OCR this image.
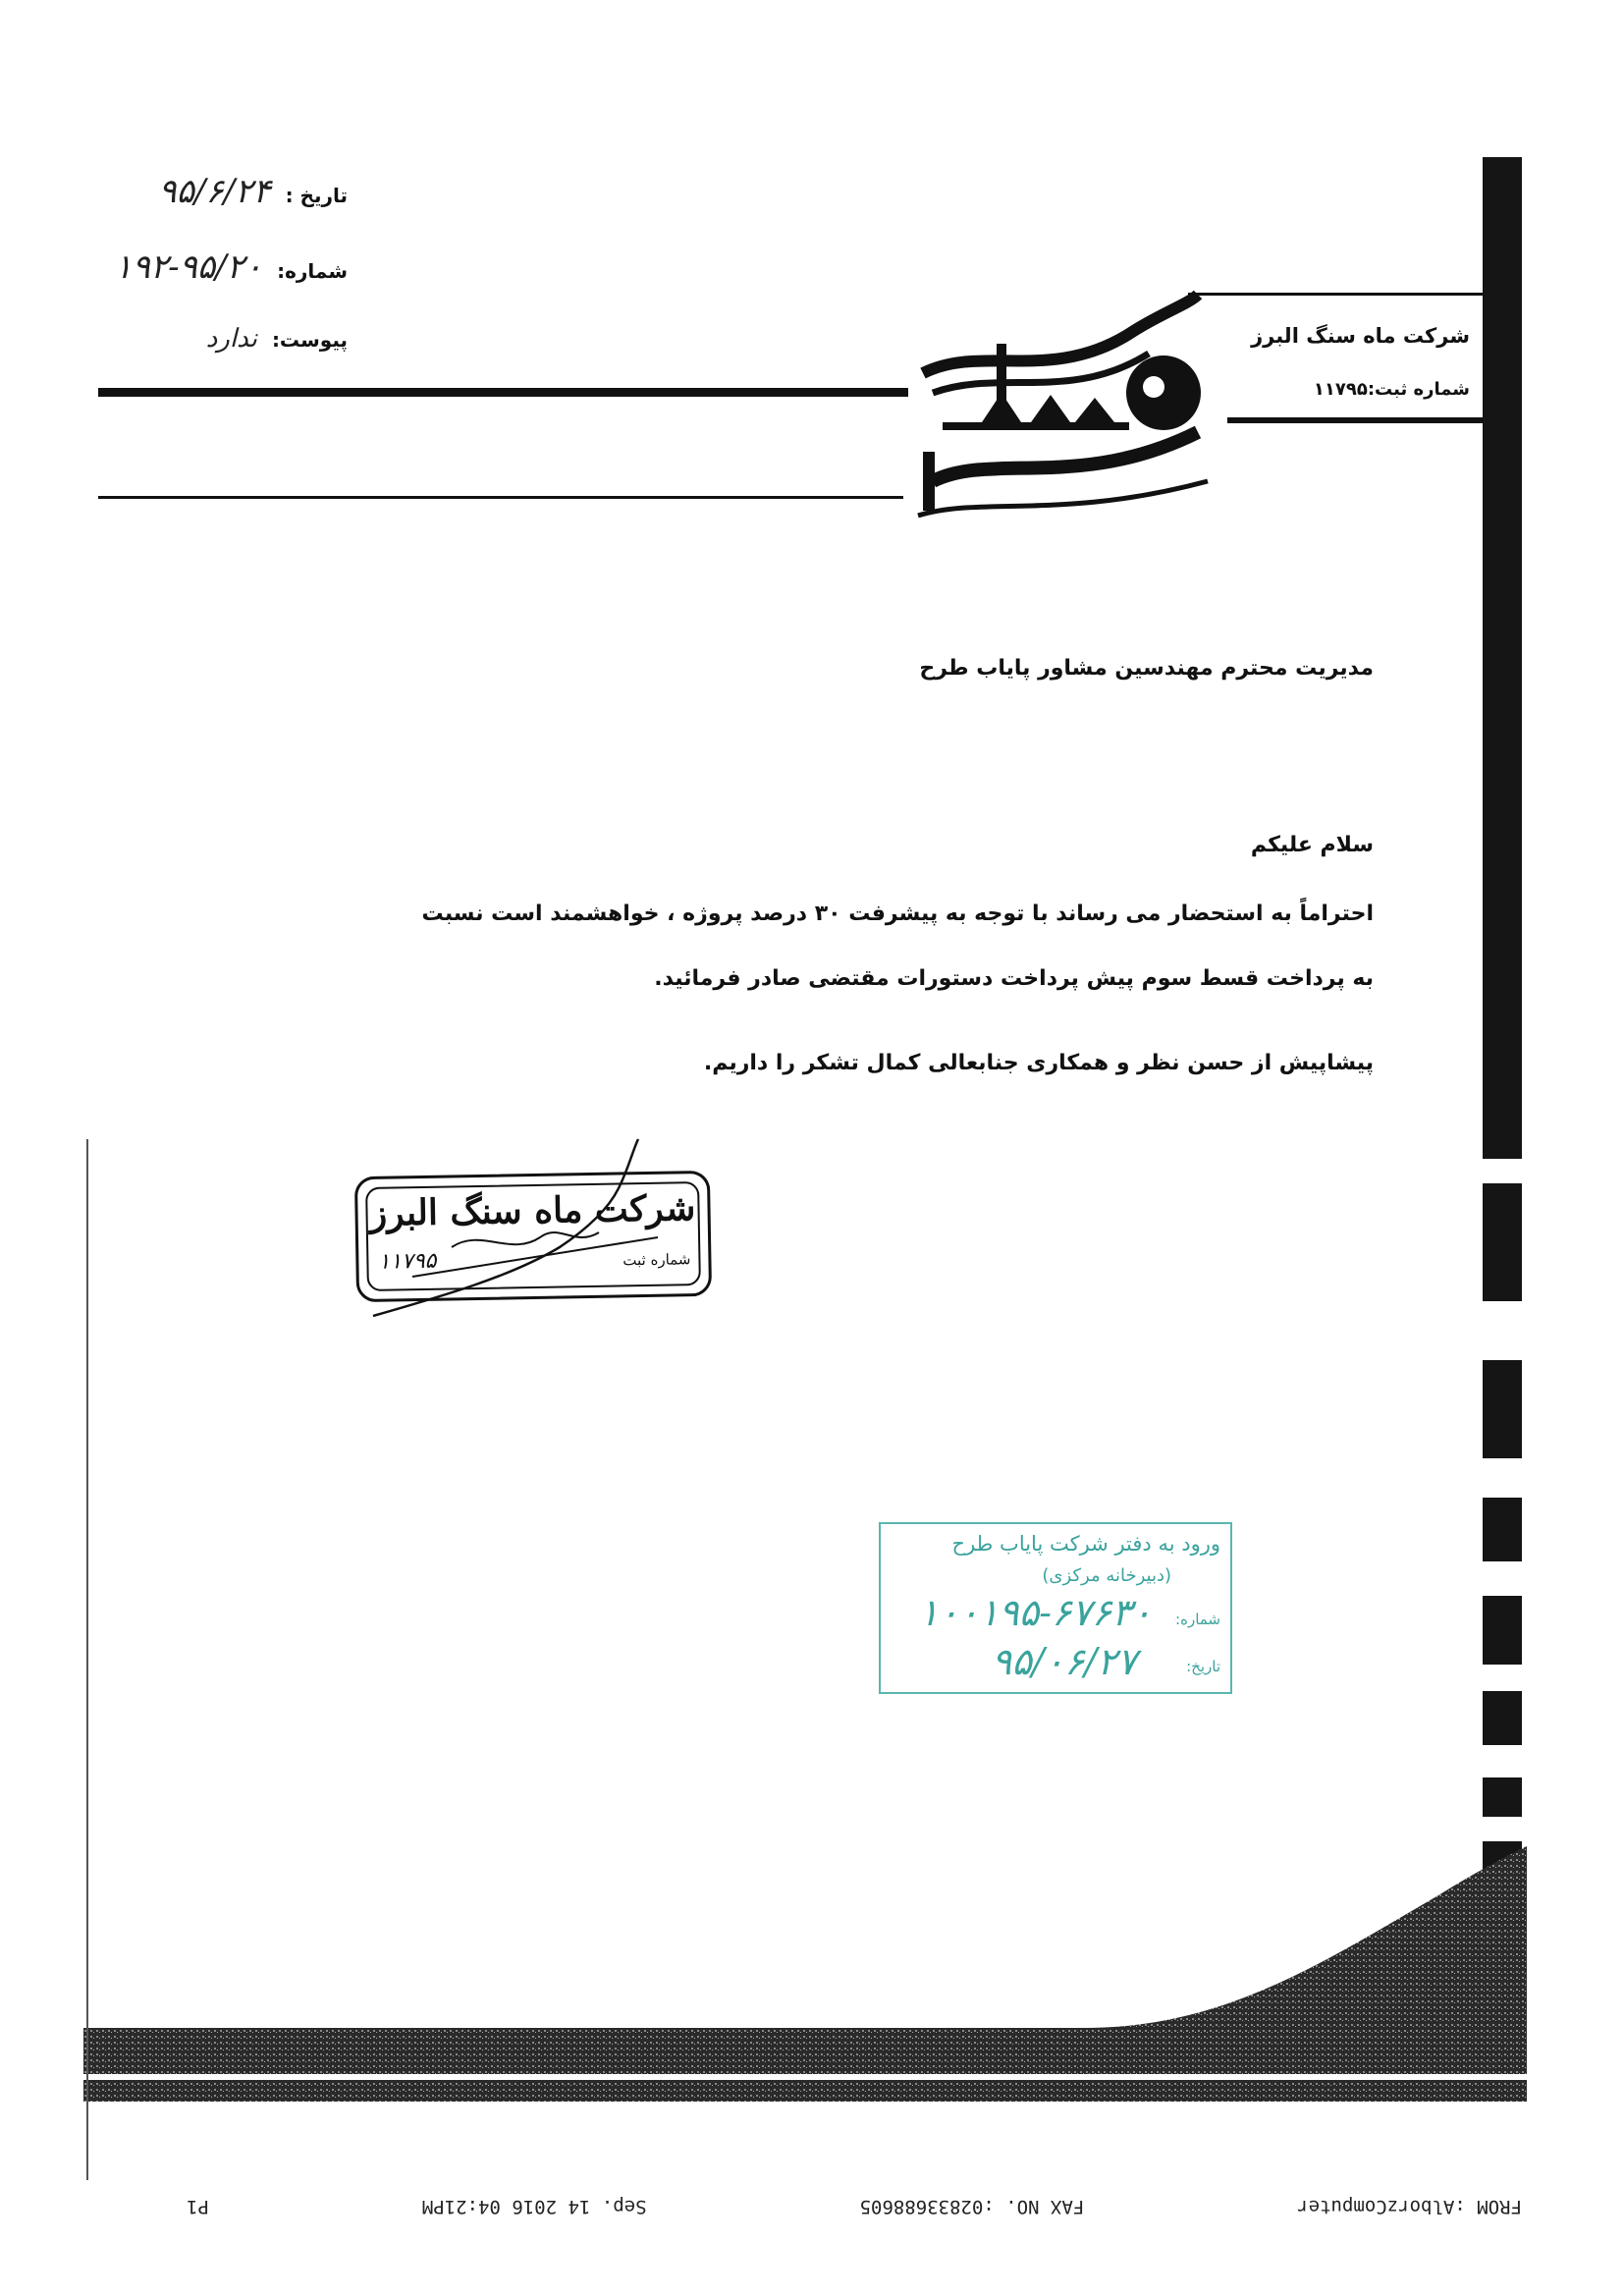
تاریخ : ۹۵/۶/۲۴
شماره: ۹۵/۲۰-۱۹۲
پیوست: ندارد	شرکت ماه سنگ البرز
شماره ثبت:۱۱۷۹۵
مدیریت محترم مهندسین مشاور پایاب طرح
سلام علیکم
احتراماً به استحضار می رساند با توجه به پیشرفت ۳۰ درصد پروژه ، خواهشمند است نسبت
به پرداخت قسط سوم پیش پرداخت دستورات مقتضی صادر فرمائید.
پیشاپیش از حسن نظر و همکاری جنابعالی کمال تشکر را داریم.
شرکت ماه سنگ البرز
شماره ثبت
۱۱۷۹۵
ورود به دفتر شرکت پایاب طرح
(دبیرخانه مرکزی)
شماره:
۱۰۰۱۹۵-۶۷۶۳۰
تاریخ:
۹۵/۰۶/۲۷
FROM :AlborzComputer
FAX NO. :02833688605
Sep. 14 2016 04:21PM
P1
